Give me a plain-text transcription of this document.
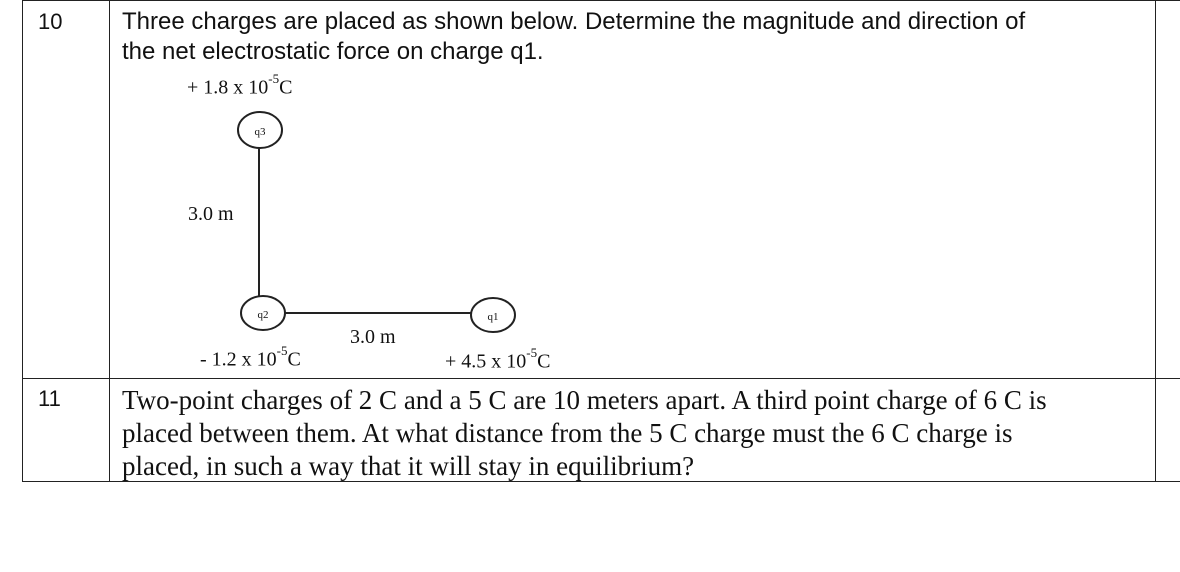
10 Three charges are placed as shown below. Determine the magnitude and direction of
the net electrostatic force on charge q1.
q3
q2	q1
+ 1.8 x $10^{-5}C$
- 1.2 x $10^{-5}C$	+ 4.5 x $10^{-5}C$
3.0 m
3.0 m
11 Two-point charges of 2 C and a 5 C are 10 meters apart. A third point charge of 6 C is
placed between them. At what distance from the 5 C charge must the 6 C charge is
placed, in such a way that it will stay in equilibrium?
